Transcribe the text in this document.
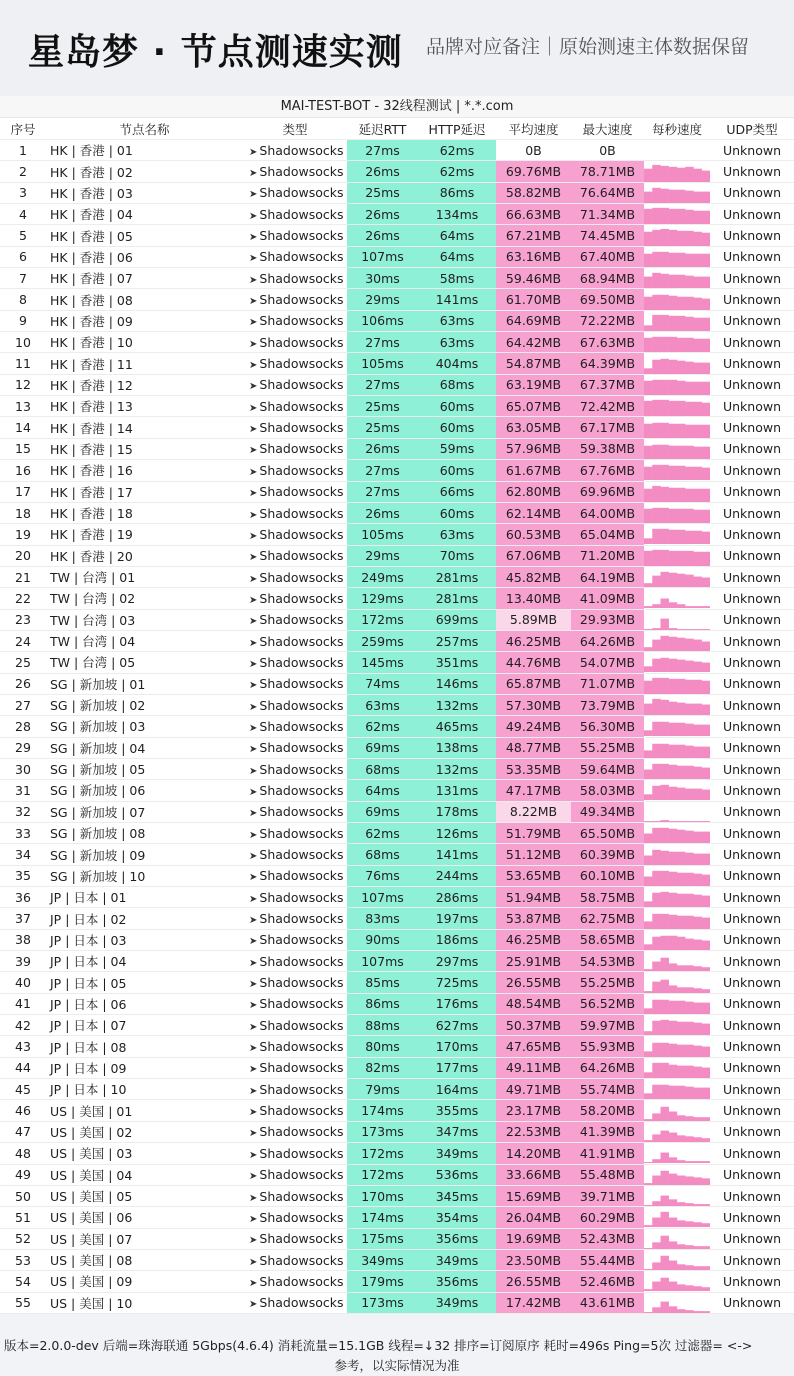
星岛梦 · 节点测速实测 品牌对应备注｜原始测速主体数据保留
MAI-TEST-BOT - 32线程测试 | *.*.com
序号	节点名称	类型	延迟RTT	HTTP延迟	平均速度	最大速度	每秒速度	UDP类型
1	HK | 香港 | 01	➤ Shadowsocks	27ms	62ms	0B	0B		Unknown
2	HK | 香港 | 02	➤ Shadowsocks	26ms	62ms	69.76MB	78.71MB		Unknown
3	HK | 香港 | 03	➤ Shadowsocks	25ms	86ms	58.82MB	76.64MB		Unknown
4	HK | 香港 | 04	➤ Shadowsocks	26ms	134ms	66.63MB	71.34MB		Unknown
5	HK | 香港 | 05	➤ Shadowsocks	26ms	64ms	67.21MB	74.45MB		Unknown
6	HK | 香港 | 06	➤ Shadowsocks	107ms	64ms	63.16MB	67.40MB		Unknown
7	HK | 香港 | 07	➤ Shadowsocks	30ms	58ms	59.46MB	68.94MB		Unknown
8	HK | 香港 | 08	➤ Shadowsocks	29ms	141ms	61.70MB	69.50MB		Unknown
9	HK | 香港 | 09	➤ Shadowsocks	106ms	63ms	64.69MB	72.22MB		Unknown
10	HK | 香港 | 10	➤ Shadowsocks	27ms	63ms	64.42MB	67.63MB		Unknown
11	HK | 香港 | 11	➤ Shadowsocks	105ms	404ms	54.87MB	64.39MB		Unknown
12	HK | 香港 | 12	➤ Shadowsocks	27ms	68ms	63.19MB	67.37MB		Unknown
13	HK | 香港 | 13	➤ Shadowsocks	25ms	60ms	65.07MB	72.42MB		Unknown
14	HK | 香港 | 14	➤ Shadowsocks	25ms	60ms	63.05MB	67.17MB		Unknown
15	HK | 香港 | 15	➤ Shadowsocks	26ms	59ms	57.96MB	59.38MB		Unknown
16	HK | 香港 | 16	➤ Shadowsocks	27ms	60ms	61.67MB	67.76MB		Unknown
17	HK | 香港 | 17	➤ Shadowsocks	27ms	66ms	62.80MB	69.96MB		Unknown
18	HK | 香港 | 18	➤ Shadowsocks	26ms	60ms	62.14MB	64.00MB		Unknown
19	HK | 香港 | 19	➤ Shadowsocks	105ms	63ms	60.53MB	65.04MB		Unknown
20	HK | 香港 | 20	➤ Shadowsocks	29ms	70ms	67.06MB	71.20MB		Unknown
21	TW | 台湾 | 01	➤ Shadowsocks	249ms	281ms	45.82MB	64.19MB		Unknown
22	TW | 台湾 | 02	➤ Shadowsocks	129ms	281ms	13.40MB	41.09MB		Unknown
23	TW | 台湾 | 03	➤ Shadowsocks	172ms	699ms	5.89MB	29.93MB		Unknown
24	TW | 台湾 | 04	➤ Shadowsocks	259ms	257ms	46.25MB	64.26MB		Unknown
25	TW | 台湾 | 05	➤ Shadowsocks	145ms	351ms	44.76MB	54.07MB		Unknown
26	SG | 新加坡 | 01	➤ Shadowsocks	74ms	146ms	65.87MB	71.07MB		Unknown
27	SG | 新加坡 | 02	➤ Shadowsocks	63ms	132ms	57.30MB	73.79MB		Unknown
28	SG | 新加坡 | 03	➤ Shadowsocks	62ms	465ms	49.24MB	56.30MB		Unknown
29	SG | 新加坡 | 04	➤ Shadowsocks	69ms	138ms	48.77MB	55.25MB		Unknown
30	SG | 新加坡 | 05	➤ Shadowsocks	68ms	132ms	53.35MB	59.64MB		Unknown
31	SG | 新加坡 | 06	➤ Shadowsocks	64ms	131ms	47.17MB	58.03MB		Unknown
32	SG | 新加坡 | 07	➤ Shadowsocks	69ms	178ms	8.22MB	49.34MB		Unknown
33	SG | 新加坡 | 08	➤ Shadowsocks	62ms	126ms	51.79MB	65.50MB		Unknown
34	SG | 新加坡 | 09	➤ Shadowsocks	68ms	141ms	51.12MB	60.39MB		Unknown
35	SG | 新加坡 | 10	➤ Shadowsocks	76ms	244ms	53.65MB	60.10MB		Unknown
36	JP | 日本 | 01	➤ Shadowsocks	107ms	286ms	51.94MB	58.75MB		Unknown
37	JP | 日本 | 02	➤ Shadowsocks	83ms	197ms	53.87MB	62.75MB		Unknown
38	JP | 日本 | 03	➤ Shadowsocks	90ms	186ms	46.25MB	58.65MB		Unknown
39	JP | 日本 | 04	➤ Shadowsocks	107ms	297ms	25.91MB	54.53MB		Unknown
40	JP | 日本 | 05	➤ Shadowsocks	85ms	725ms	26.55MB	55.25MB		Unknown
41	JP | 日本 | 06	➤ Shadowsocks	86ms	176ms	48.54MB	56.52MB		Unknown
42	JP | 日本 | 07	➤ Shadowsocks	88ms	627ms	50.37MB	59.97MB		Unknown
43	JP | 日本 | 08	➤ Shadowsocks	80ms	170ms	47.65MB	55.93MB		Unknown
44	JP | 日本 | 09	➤ Shadowsocks	82ms	177ms	49.11MB	64.26MB		Unknown
45	JP | 日本 | 10	➤ Shadowsocks	79ms	164ms	49.71MB	55.74MB		Unknown
46	US | 美国 | 01	➤ Shadowsocks	174ms	355ms	23.17MB	58.20MB		Unknown
47	US | 美国 | 02	➤ Shadowsocks	173ms	347ms	22.53MB	41.39MB		Unknown
48	US | 美国 | 03	➤ Shadowsocks	172ms	349ms	14.20MB	41.91MB		Unknown
49	US | 美国 | 04	➤ Shadowsocks	172ms	536ms	33.66MB	55.48MB		Unknown
50	US | 美国 | 05	➤ Shadowsocks	170ms	345ms	15.69MB	39.71MB		Unknown
51	US | 美国 | 06	➤ Shadowsocks	174ms	354ms	26.04MB	60.29MB		Unknown
52	US | 美国 | 07	➤ Shadowsocks	175ms	356ms	19.69MB	52.43MB		Unknown
53	US | 美国 | 08	➤ Shadowsocks	349ms	349ms	23.50MB	55.44MB		Unknown
54	US | 美国 | 09	➤ Shadowsocks	179ms	356ms	26.55MB	52.46MB		Unknown
55	US | 美国 | 10	➤ Shadowsocks	173ms	349ms	17.42MB	43.61MB		Unknown
版本=2.0.0-dev 后端=珠海联通 5Gbps(4.6.4) 消耗流量=15.1GB 线程=↓32 排序=订阅原序 耗时=496s Ping=5次 过滤器= <->
参考，以实际情况为准
